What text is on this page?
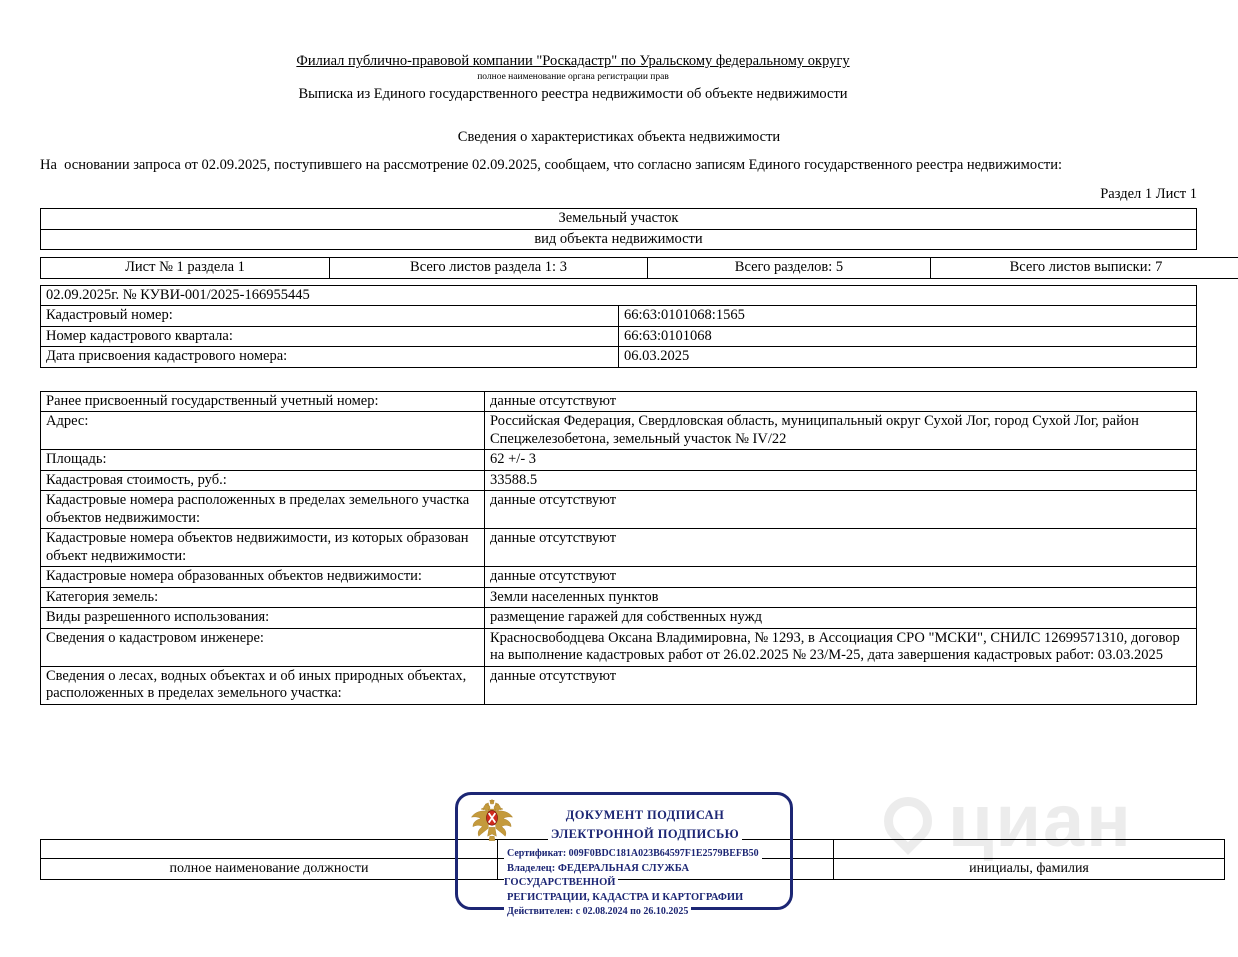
Филиал публично-правовой компании "Роскадастр" по Уральскому федеральному округу
полное наименование органа регистрации прав
Выписка из Единого государственного реестра недвижимости об объекте недвижимости
Сведения о характеристиках объекта недвижимости
На  основании запроса от 02.09.2025, поступившего на рассмотрение 02.09.2025, сообщаем, что согласно записям Единого государственного реестра недвижимости:
Раздел 1 Лист 1
Земельный участок
вид объекта недвижимости
Лист № 1 раздела 1	Всего листов раздела 1: 3	Всего разделов: 5	Всего листов выписки: 7
02.09.2025г. № КУВИ-001/2025-166955445	
Кадастровый номер:	66:63:0101068:1565
Номер кадастрового квартала:	66:63:0101068
Дата присвоения кадастрового номера:	06.03.2025
Ранее присвоенный государственный учетный номер:	данные отсутствуют
Адрес:	Российская Федерация, Свердловская область, муниципальный округ Сухой Лог, город Сухой Лог, район Спецжелезобетона, земельный участок № IV/22
Площадь:	62 +/- 3
Кадастровая стоимость, руб.:	33588.5
Кадастровые номера расположенных в пределах земельного участка объектов недвижимости:	данные отсутствуют
Кадастровые номера объектов недвижимости, из которых образован объект недвижимости:	данные отсутствуют
Кадастровые номера образованных объектов недвижимости:	данные отсутствуют
Категория земель:	Земли населенных пунктов
Виды разрешенного использования:	размещение гаражей для собственных нужд
Сведения о кадастровом инженере:	Красносвободцева Оксана Владимировна, № 1293, в Ассоциация СРО "МСКИ", СНИЛС 12699571310, договор на выполнение кадастровых работ от 26.02.2025 № 23/М-25, дата завершения кадастровых работ: 03.03.2025
Сведения о лесах, водных объектах и об иных природных объектах, расположенных в пределах земельного участка:	данные отсутствуют
циан

полное наименование должности		инициалы, фамилия
ДОКУМЕНТ ПОДПИСАН
ЭЛЕКТРОННОЙ ПОДПИСЬЮ
Сертификат: 009F0BDC181A023B64597F1E2579BEFB50
Владелец: ФЕДЕРАЛЬНАЯ СЛУЖБА ГОСУДАРСТВЕННОЙ
РЕГИСТРАЦИИ, КАДАСТРА И КАРТОГРАФИИ
Действителен: с 02.08.2024 по 26.10.2025
